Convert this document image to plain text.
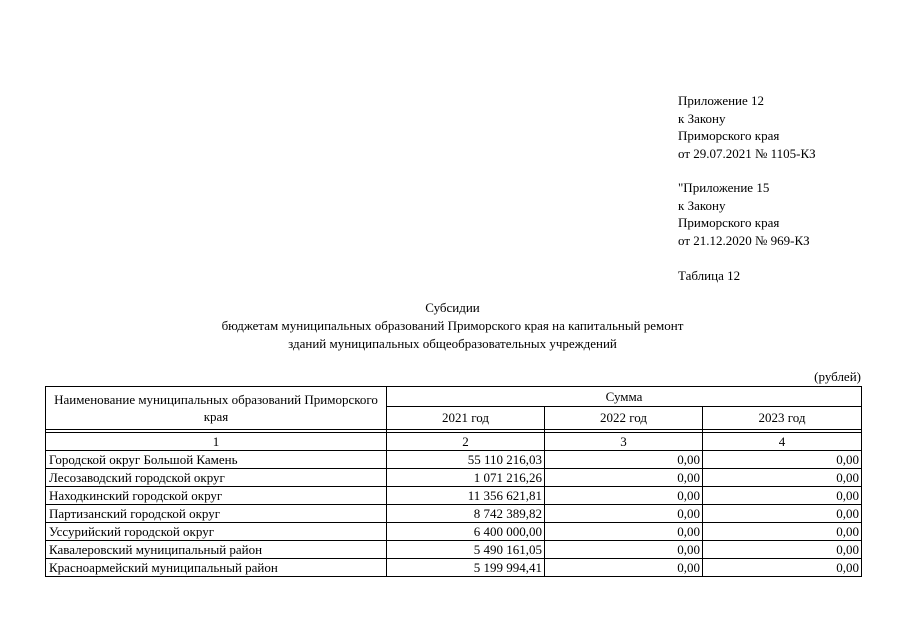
Приложение 12
к Закону
Приморского края
от 29.07.2021 № 1105-КЗ
"Приложение 15
к Закону
Приморского края
от 21.12.2020 № 969-КЗ
Таблица 12
Субсидии
бюджетам муниципальных образований Приморского края на капитальный ремонт
зданий муниципальных общеобразовательных учреждений
(рублей)
Наименование муниципальных образований Приморского края	Сумма		
	2021 год	2022 год	2023 год

1	2	3	4
Городской округ Большой Камень	55 110 216,03	0,00	0,00
Лесозаводский городской округ	1 071 216,26	0,00	0,00
Находкинский городской округ	11 356 621,81	0,00	0,00
Партизанский городской округ	8 742 389,82	0,00	0,00
Уссурийский городской округ	6 400 000,00	0,00	0,00
Кавалеровский муниципальный район	5 490 161,05	0,00	0,00
Красноармейский муниципальный район	5 199 994,41	0,00	0,00
